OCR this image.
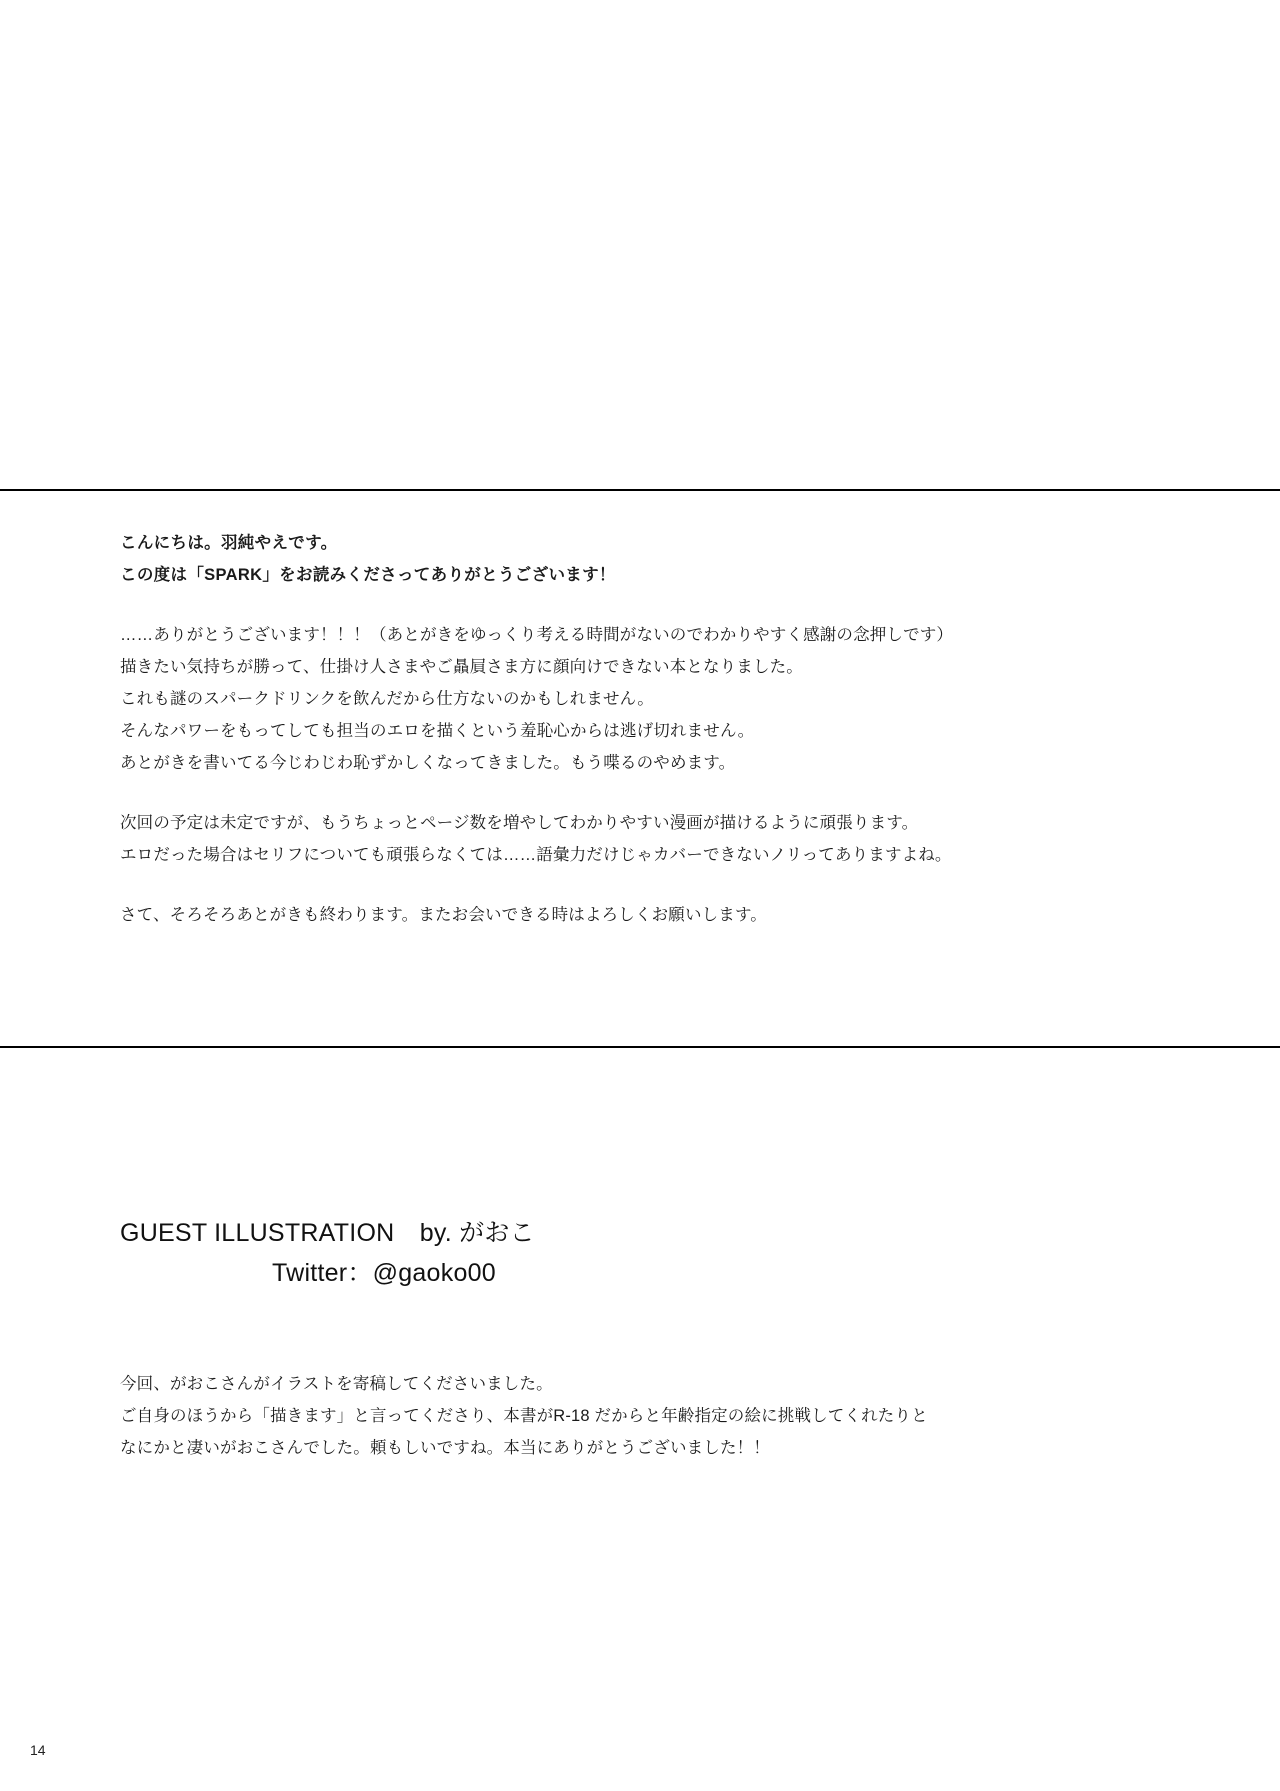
こんにちは。羽純やえです。
この度は「SPARK」をお読みくださってありがとうございます！
……ありがとうございます！！！（あとがきをゆっくり考える時間がないのでわかりやすく感謝の念押しです）
描きたい気持ちが勝って、仕掛け人さまやご贔屓さま方に顔向けできない本となりました。
これも謎のスパークドリンクを飲んだから仕方ないのかもしれません。
そんなパワーをもってしても担当のエロを描くという羞恥心からは逃げ切れません。
あとがきを書いてる今じわじわ恥ずかしくなってきました。もう喋るのやめます。
次回の予定は未定ですが、もうちょっとページ数を増やしてわかりやすい漫画が描けるように頑張ります。
エロだった場合はセリフについても頑張らなくては……語彙力だけじゃカバーできないノリってありますよね。
さて、そろそろあとがきも終わります。またお会いできる時はよろしくお願いします。
GUEST ILLUSTRATION　by. がおこ
Twitter：@gaoko00
今回、がおこさんがイラストを寄稿してくださいました。
ご自身のほうから「描きます」と言ってくださり、本書がR-18 だからと年齢指定の絵に挑戦してくれたりと
なにかと凄いがおこさんでした。頼もしいですね。本当にありがとうございました！！
14
